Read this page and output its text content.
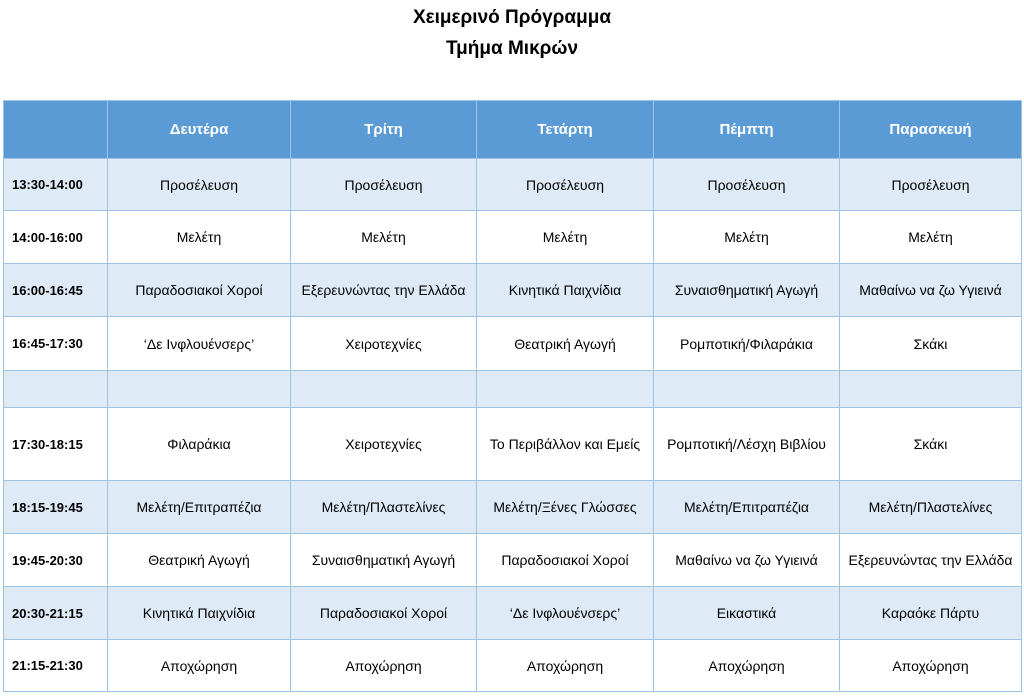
Χειμερινό Πρόγραμμα
Τμήμα Μικρών
	Δευτέρα	Τρίτη	Τετάρτη	Πέμπτη	Παρασκευή
13:30-14:00	Προσέλευση	Προσέλευση	Προσέλευση	Προσέλευση	Προσέλευση
14:00-16:00	Μελέτη	Μελέτη	Μελέτη	Μελέτη	Μελέτη
16:00-16:45	Παραδοσιακοί Χοροί	Εξερευνώντας την Ελλάδα	Κινητικά Παιχνίδια	Συναισθηματική Αγωγή	Μαθαίνω να ζω Υγιεινά
16:45-17:30	‘Δε Ινφλουένσερς’	Χειροτεχνίες	Θεατρική Αγωγή	Ρομποτική/Φιλαράκια	Σκάκι

17:30-18:15	Φιλαράκια	Χειροτεχνίες	Το Περιβάλλον και Εμείς	Ρομποτική/Λέσχη Βιβλίου	Σκάκι
18:15-19:45	Μελέτη/Επιτραπέζια	Μελέτη/Πλαστελίνες	Μελέτη/Ξένες Γλώσσες	Μελέτη/Επιτραπέζια	Μελέτη/Πλαστελίνες
19:45-20:30	Θεατρική Αγωγή	Συναισθηματική Αγωγή	Παραδοσιακοί Χοροί	Μαθαίνω να ζω Υγιεινά	Εξερευνώντας την Ελλάδα
20:30-21:15	Κινητικά Παιχνίδια	Παραδοσιακοί Χοροί	‘Δε Ινφλουένσερς’	Εικαστικά	Καραόκε Πάρτυ
21:15-21:30	Αποχώρηση	Αποχώρηση	Αποχώρηση	Αποχώρηση	Αποχώρηση
